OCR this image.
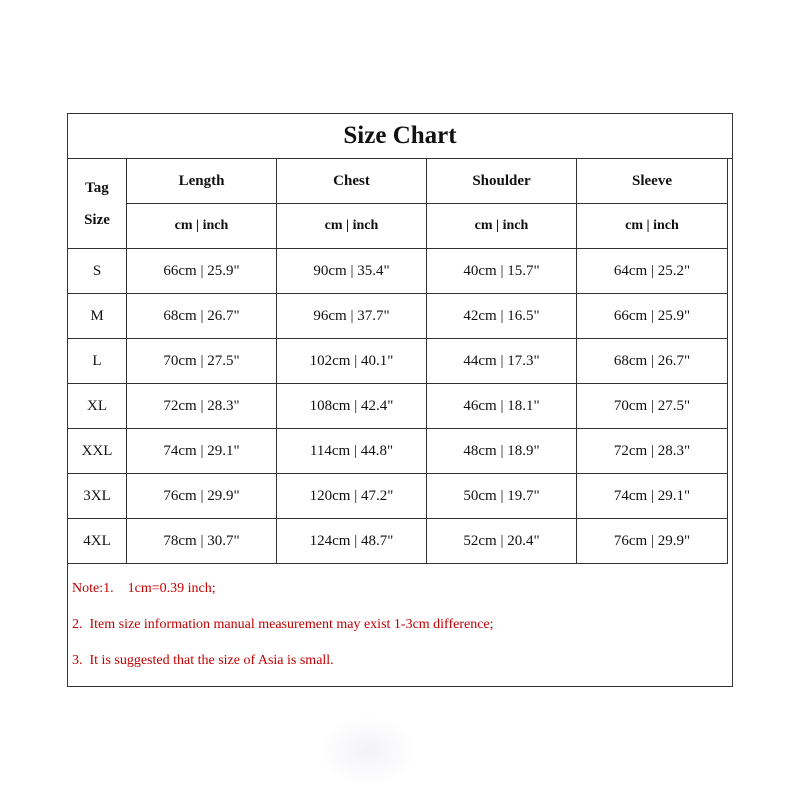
Size Chart
Tag
Size	Length	Chest	Shoulder	Sleeve
	cm | inch	cm | inch	cm | inch	cm | inch
S	66cm | 25.9"	90cm | 35.4"	40cm | 15.7"	64cm | 25.2"
M	68cm | 26.7"	96cm | 37.7"	42cm | 16.5"	66cm | 25.9"
L	70cm | 27.5"	102cm | 40.1"	44cm | 17.3"	68cm | 26.7"
XL	72cm | 28.3"	108cm | 42.4"	46cm | 18.1"	70cm | 27.5"
XXL	74cm | 29.1"	114cm | 44.8"	48cm | 18.9"	72cm | 28.3"
3XL	76cm | 29.9"	120cm | 47.2"	50cm | 19.7"	74cm | 29.1"
4XL	78cm | 30.7"	124cm | 48.7"	52cm | 20.4"	76cm | 29.9"
Note:1.    1cm=0.39 inch;
2.  Item size information manual measurement may exist 1-3cm difference;
3.  It is suggested that the size of Asia is small.
